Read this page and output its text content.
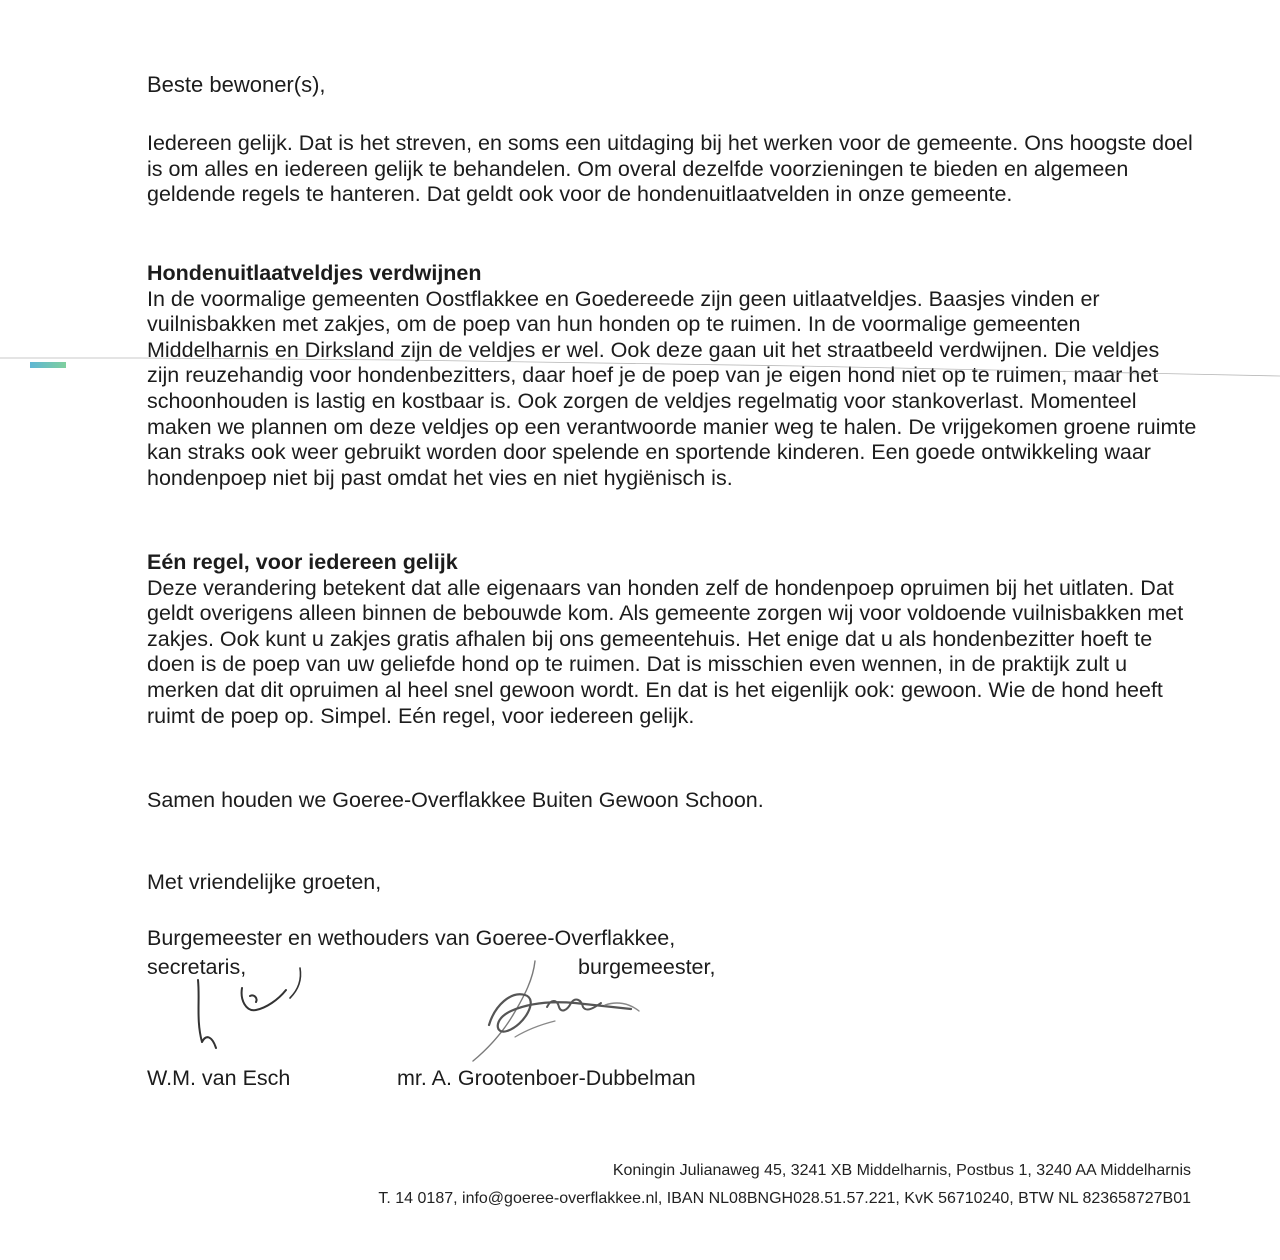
Beste bewoner(s),

Iedereen gelijk. Dat is het streven, en soms een uitdaging bij het werken voor de gemeente. Ons hoogste doel is om alles en iedereen gelijk te behandelen. Om overal dezelfde voorzieningen te bieden en algemeen geldende regels te hanteren. Dat geldt ook voor de hondenuitlaatvelden in onze gemeente.

Hondenuitlaatveldjes verdwijnen

In de voormalige gemeenten Oostflakkee en Goedereede zijn geen uitlaatveldjes. Baasjes vinden er vuilnisbakken met zakjes, om de poep van hun honden op te ruimen. In de voormalige gemeenten Middelharnis en Dirksland zijn de veldjes er wel. Ook deze gaan uit het straatbeeld verdwijnen. Die veldjes zijn reuzehandig voor hondenbezitters, daar hoef je de poep van je eigen hond niet op te ruimen, maar het schoonhouden is lastig en kostbaar is. Ook zorgen de veldjes regelmatig voor stankoverlast. Momenteel maken we plannen om deze veldjes op een verantwoorde manier weg te halen. De vrijgekomen groene ruimte kan straks ook weer gebruikt worden door spelende en sportende kinderen. Een goede ontwikkeling waar hondenpoep niet bij past omdat het vies en niet hygiënisch is.

Eén regel, voor iedereen gelijk

Deze verandering betekent dat alle eigenaars van honden zelf de hondenpoep opruimen bij het uitlaten. Dat geldt overigens alleen binnen de bebouwde kom. Als gemeente zorgen wij voor voldoende vuilnisbakken met zakjes. Ook kunt u zakjes gratis afhalen bij ons gemeentehuis. Het enige dat u als hondenbezitter hoeft te doen is de poep van uw geliefde hond op te ruimen. Dat is misschien even wennen, in de praktijk zult u merken dat dit opruimen al heel snel gewoon wordt. En dat is het eigenlijk ook: gewoon. Wie de hond heeft ruimt de poep op. Simpel. Eén regel, voor iedereen gelijk.

Samen houden we Goeree-Overflakkee Buiten Gewoon Schoon.
Met vriendelijke groeten,
Burgemeester en wethouders van Goeree-Overflakkee,
secretaris,	burgemeester,
W.M. van Esch	mr. A. Grootenboer-Dubbelman
Koningin Julianaweg 45, 3241 XB Middelharnis, Postbus 1, 3240 AA Middelharnis
T. 14 0187, info@goeree-overflakkee.nl, IBAN NL08BNGH028.51.57.221, KvK 56710240, BTW NL 823658727B01
